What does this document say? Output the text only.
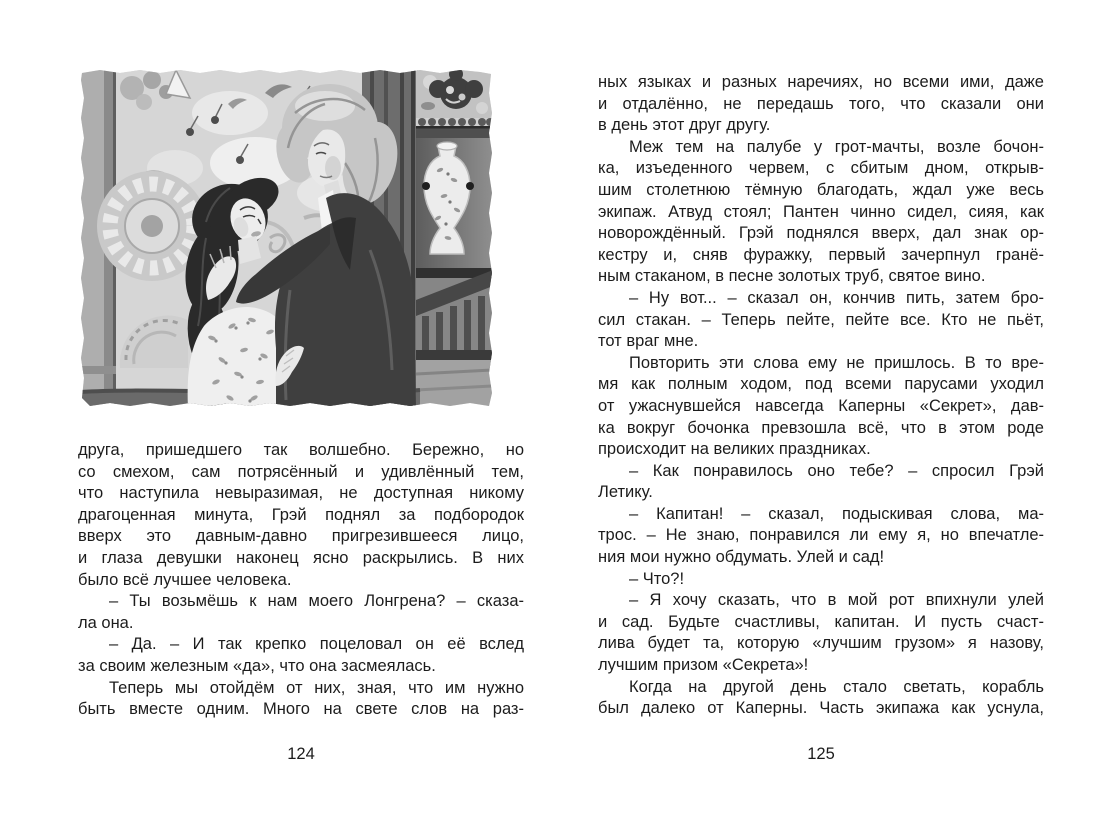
друга, пришедшего так волшебно. Бережно, но
со смехом, сам потрясённый и удивлённый тем,
что наступила невыразимая, не доступная никому
драгоценная минута, Грэй поднял за подбородок
вверх это давным-давно пригрезившееся лицо,
и глаза девушки наконец ясно раскрылись. В них
было всё лучшее человека.
– Ты возьмёшь к нам моего Лонгрена? – сказа-
ла она.
– Да. – И так крепко поцеловал он её вслед
за своим железным «да», что она засмеялась.
Теперь мы отойдём от них, зная, что им нужно
быть вместе одним. Много на свете слов на раз-
124
ных языках и разных наречиях, но всеми ими, даже
и отдалённо, не передашь того, что сказали они
в день этот друг другу.
Меж тем на палубе у грот-мачты, возле бочон-
ка, изъеденного червем, с сбитым дном, открыв-
шим столетнюю тёмную благодать, ждал уже весь
экипаж. Атвуд стоял; Пантен чинно сидел, сияя, как
новорождённый. Грэй поднялся вверх, дал знак ор-
кестру и, сняв фуражку, первый зачерпнул гранё-
ным стаканом, в песне золотых труб, святое вино.
– Ну вот... – сказал он, кончив пить, затем бро-
сил стакан. – Теперь пейте, пейте все. Кто не пьёт,
тот враг мне.
Повторить эти слова ему не пришлось. В то вре-
мя как полным ходом, под всеми парусами уходил
от ужаснувшейся навсегда Каперны «Секрет», дав-
ка вокруг бочонка превзошла всё, что в этом роде
происходит на великих праздниках.
– Как понравилось оно тебе? – спросил Грэй
Летику.
– Капитан! – сказал, подыскивая слова, ма-
трос. – Не знаю, понравился ли ему я, но впечатле-
ния мои нужно обдумать. Улей и сад!
– Что?!
– Я хочу сказать, что в мой рот впихнули улей
и сад. Будьте счастливы, капитан. И пусть счаст-
лива будет та, которую «лучшим грузом» я назову,
лучшим призом «Секрета»!
Когда на другой день стало светать, корабль
был далеко от Каперны. Часть экипажа как уснула,
125
